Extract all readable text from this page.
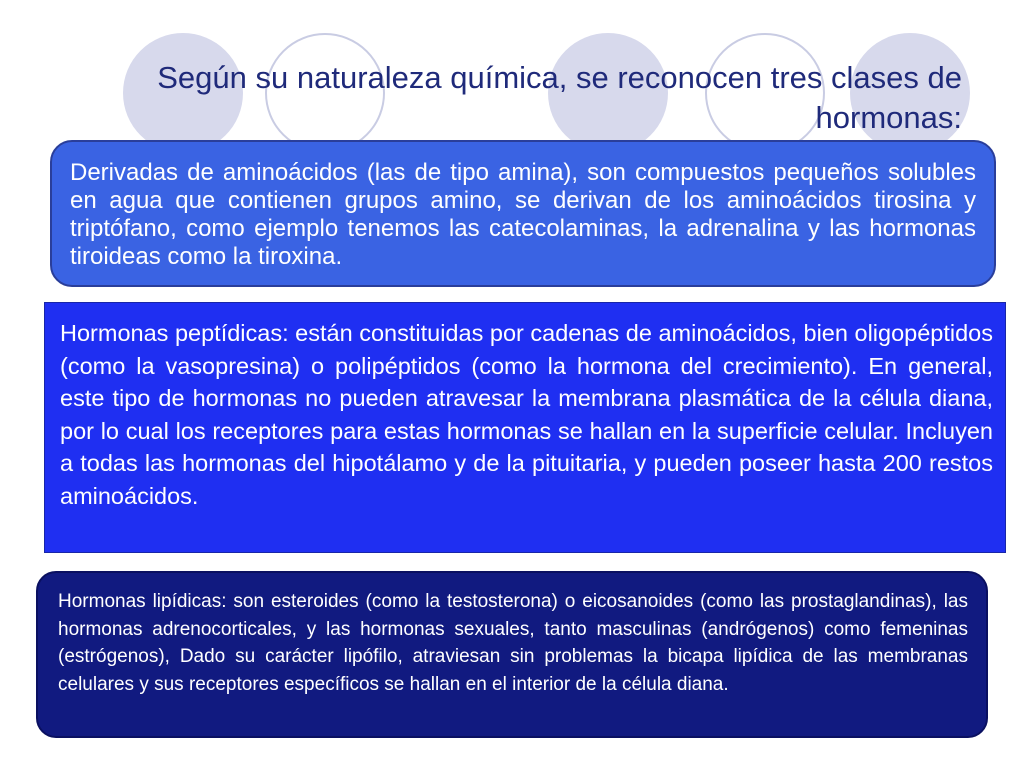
Según su naturaleza química, se reconocen tres clases de hormonas:

Derivadas de aminoácidos (las de tipo amina), son compuestos pequeños solubles en agua que contienen grupos amino, se derivan de los aminoácidos tirosina y triptófano, como ejemplo tenemos las catecolaminas, la adrenalina y las hormonas tiroideas como la tiroxina.

Hormonas peptídicas: están constituidas por cadenas de aminoácidos, bien oligopéptidos (como la vasopresina) o polipéptidos (como la hormona del crecimiento). En general, este tipo de hormonas no pueden atravesar la membrana plasmática de la célula diana, por lo cual los receptores para estas hormonas se hallan en la superficie celular. Incluyen a todas las hormonas del hipotálamo y de la pituitaria, y pueden poseer hasta 200 restos aminoácidos.

Hormonas lipídicas: son esteroides (como la testosterona) o eicosanoides (como las prostaglandinas), las hormonas adrenocorticales, y las hormonas sexuales, tanto masculinas (andrógenos) como femeninas (estrógenos), Dado su carácter lipófilo, atraviesan sin problemas la bicapa lipídica de las membranas celulares y sus receptores específicos se hallan en el interior de la célula diana.
